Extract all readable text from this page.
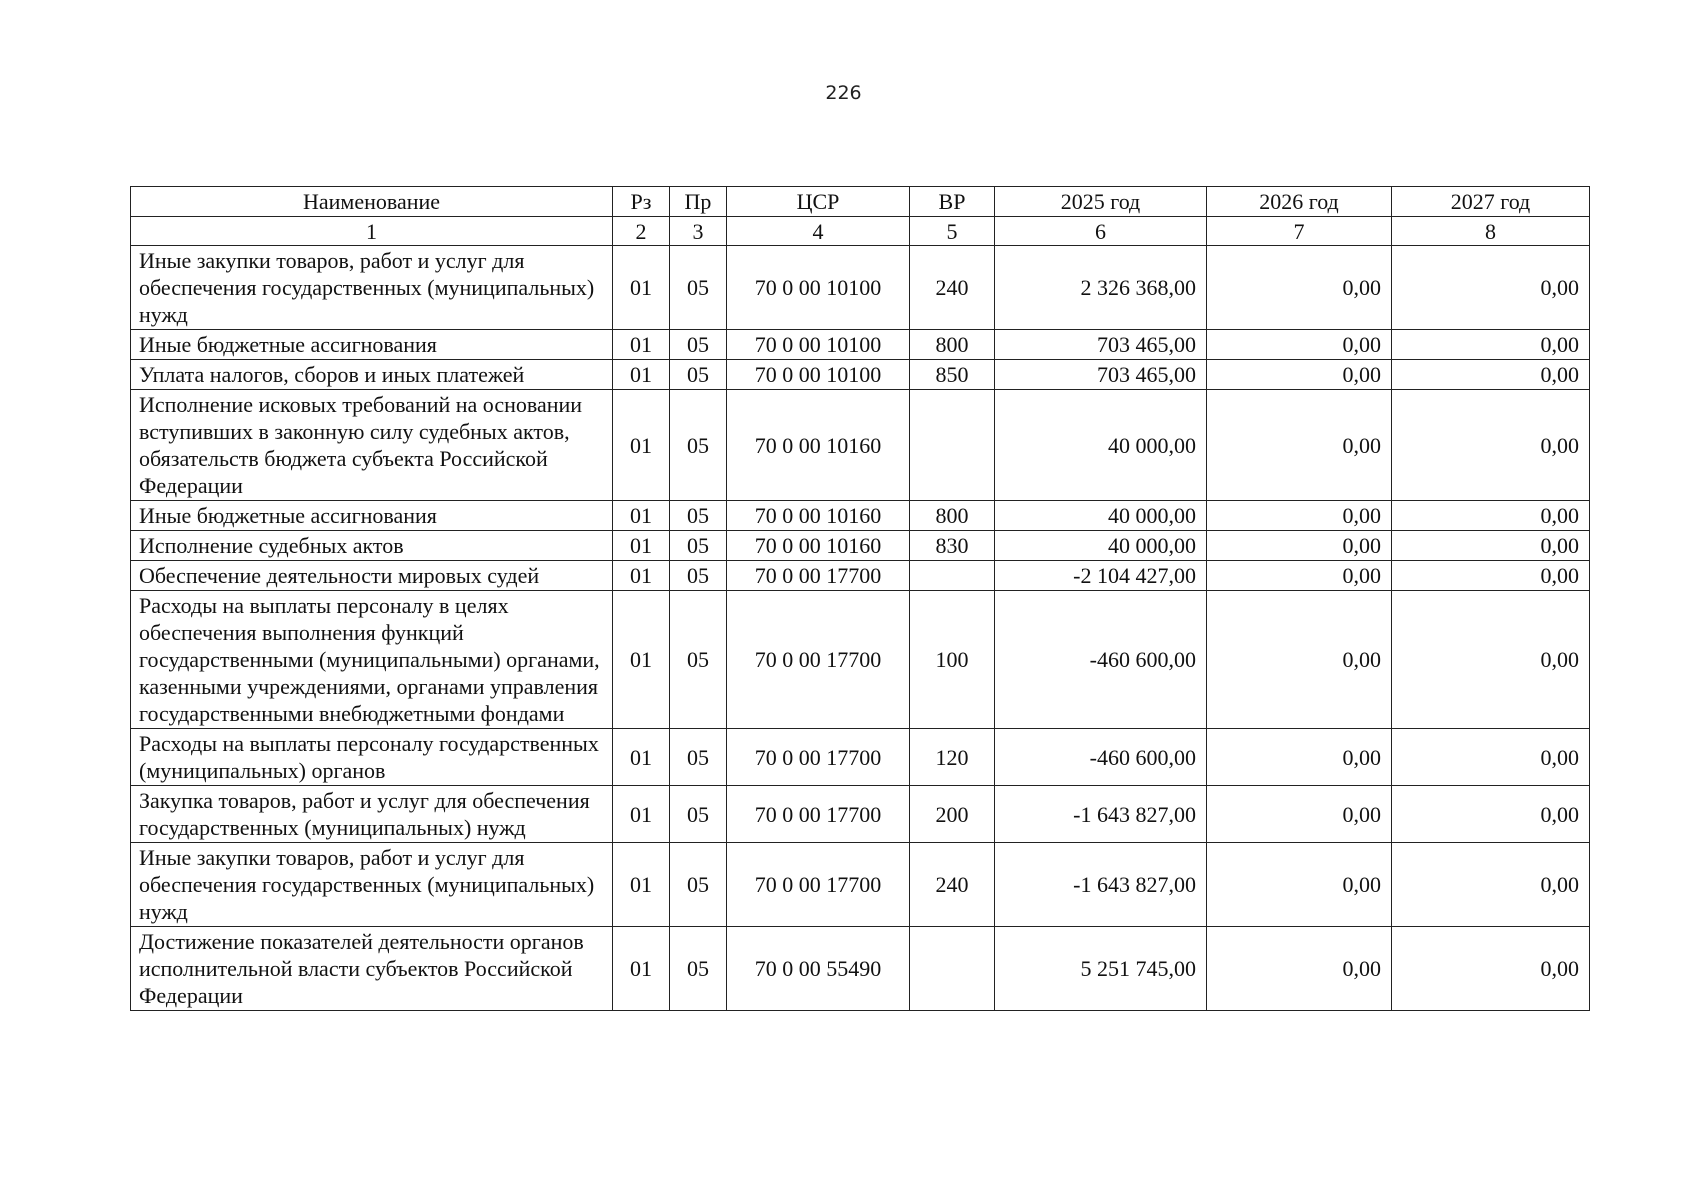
226
Наименование	Рз	Пр	ЦСР	ВР	2025 год	2026 год	2027 год
1	2	3	4	5	6	7	8
Иные закупки товаров, работ и услуг для обеспечения государственных (муниципальных) нужд	01	05	70 0 00 10100	240	2 326 368,00	0,00	0,00
Иные бюджетные ассигнования	01	05	70 0 00 10100	800	703 465,00	0,00	0,00
Уплата налогов, сборов и иных платежей	01	05	70 0 00 10100	850	703 465,00	0,00	0,00
Исполнение исковых требований на основании вступивших в законную силу судебных актов, обязательств бюджета субъекта Российской Федерации	01	05	70 0 00 10160		40 000,00	0,00	0,00
Иные бюджетные ассигнования	01	05	70 0 00 10160	800	40 000,00	0,00	0,00
Исполнение судебных актов	01	05	70 0 00 10160	830	40 000,00	0,00	0,00
Обеспечение деятельности мировых судей	01	05	70 0 00 17700		-2 104 427,00	0,00	0,00
Расходы на выплаты персоналу в целях обеспечения выполнения функций государственными (муниципальными) органами, казенными учреждениями, органами управления государственными внебюджетными фондами	01	05	70 0 00 17700	100	-460 600,00	0,00	0,00
Расходы на выплаты персоналу государственных (муниципальных) органов	01	05	70 0 00 17700	120	-460 600,00	0,00	0,00
Закупка товаров, работ и услуг для обеспечения государственных (муниципальных) нужд	01	05	70 0 00 17700	200	-1 643 827,00	0,00	0,00
Иные закупки товаров, работ и услуг для обеспечения государственных (муниципальных) нужд	01	05	70 0 00 17700	240	-1 643 827,00	0,00	0,00
Достижение показателей деятельности органов исполнительной власти субъектов Российской Федерации	01	05	70 0 00 55490		5 251 745,00	0,00	0,00
